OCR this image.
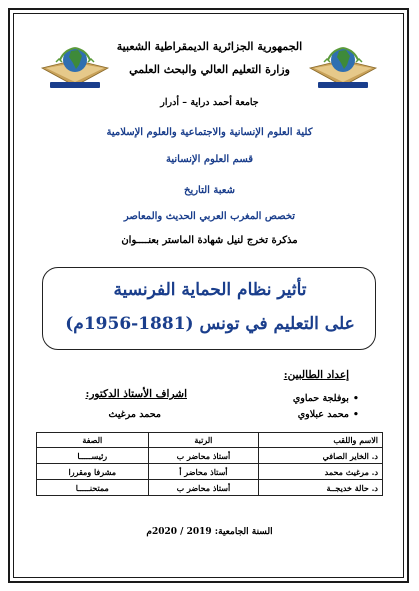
الجمهورية الجزائرية الديمقراطية الشعبية
وزارة التعليم العالي والبحث العلمي
جامعة أحمد دراية – أدرار
كلية العلوم الإنسانية والاجتماعية والعلوم الإسلامية
قسم العلوم الإنسانية
شعبة التاريخ
تخصص المغرب العربي الحديث والمعاصر
مذكرة تخرج لنيل شهادة الماستر بعنــــوان
تأثير نظام الحماية الفرنسية
على التعليم في تونس (1881-1956م)
إعداد الطالبين:
•بوفلجة حماوي
•محمد عبلاوي
اشراف الأستاذ الدكتور:
محمد مرغيث
الاسم واللقب	الرتبة	الصفة
د. الخاير الصافي	أستاذ محاضر ب	رئيســـــا
د. مرغيث محمد	أستاذ محاضر أ	مشرفا ومقررا
د. حالة خديجــة	أستاذ محاضر ب	ممتحنـــــا
السنة الجامعية: 2019 / 2020م
